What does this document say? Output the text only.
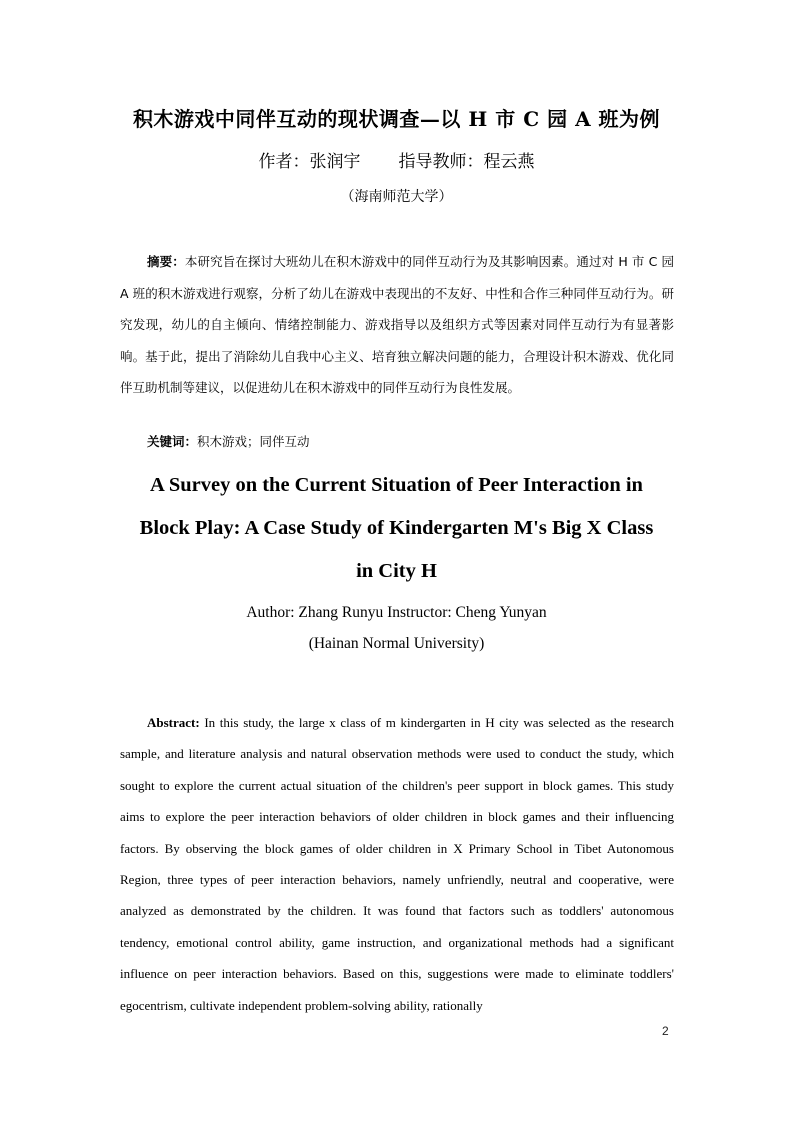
积木游戏中同伴互动的现状调查—以 H 市 C 园 A 班为例
作者：张润宇 指导教师：程云燕
（海南师范大学）

摘要：本研究旨在探讨大班幼儿在积木游戏中的同伴互动行为及其影响因素。通过对 H 市 C 园 A 班的积木游戏进行观察，分析了幼儿在游戏中表现出的不友好、中性和合作三种同伴互动行为。研究发现，幼儿的自主倾向、情绪控制能力、游戏指导以及组织方式等因素对同伴互动行为有显著影响。基于此，提出了消除幼儿自我中心主义、培育独立解决问题的能力，合理设计积木游戏、优化同伴互助机制等建议，以促进幼儿在积木游戏中的同伴互动行为良性发展。

关键词：积木游戏；同伴互动

A Survey on the Current Situation of Peer Interaction in
Block Play: A Case Study of Kindergarten M's Big X Class
in City H
Author: Zhang Runyu Instructor: Cheng Yunyan
(Hainan Normal University)

Abstract: In this study, the large x class of m kindergarten in H city was selected as the research sample, and literature analysis and natural observation methods were used to conduct the study, which sought to explore the current actual situation of the children's peer support in block games. This study aims to explore the peer interaction behaviors of older children in block games and their influencing factors. By observing the block games of older children in X Primary School in Tibet Autonomous Region, three types of peer interaction behaviors, namely unfriendly, neutral and cooperative, were analyzed as demonstrated by the children. It was found that factors such as toddlers' autonomous tendency, emotional control ability, game instruction, and organizational methods had a significant influence on peer interaction behaviors. Based on this, suggestions were made to eliminate toddlers' egocentrism, cultivate independent problem-solving ability, rationally

2
